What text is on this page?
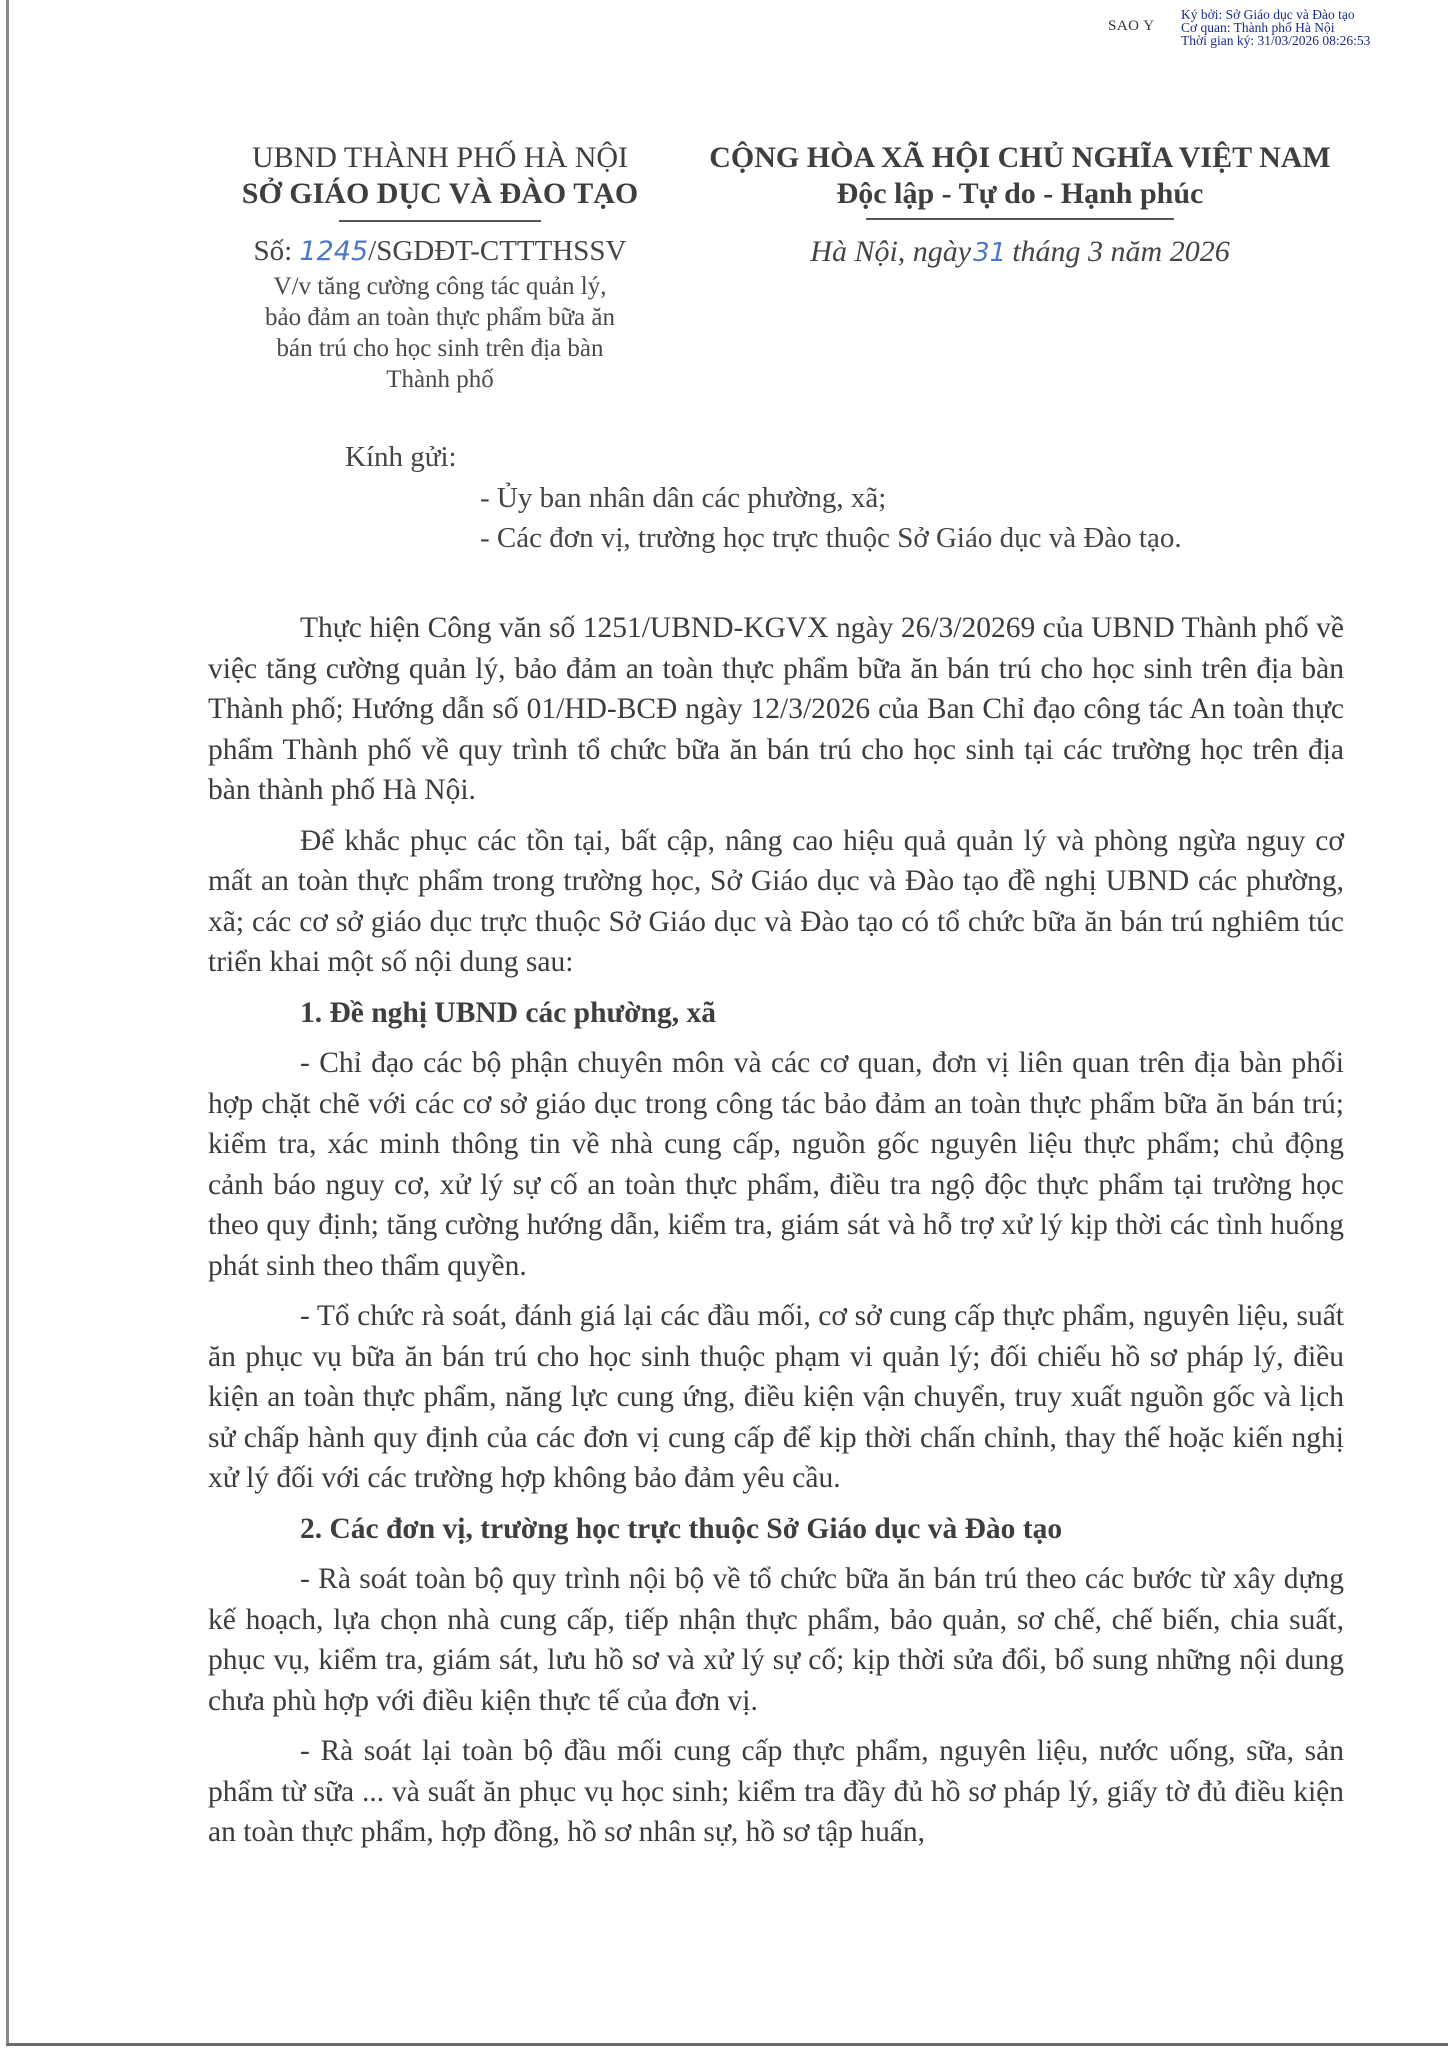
SAO Y
Ký bởi: Sở Giáo dục và Đào tạo
Cơ quan: Thành phố Hà Nội
Thời gian ký: 31/03/2026 08:26:53
UBND THÀNH PHỐ HÀ NỘI
SỞ GIÁO DỤC VÀ ĐÀO TẠO
Số: 1245/SGDĐT-CTTTHSSV
V/v tăng cường công tác quản lý,
bảo đảm an toàn thực phẩm bữa ăn
bán trú cho học sinh trên địa bàn
Thành phố
CỘNG HÒA XÃ HỘI CHỦ NGHĨA VIỆT NAM
Độc lập - Tự do - Hạnh phúc
Hà Nội, ngày31 tháng 3 năm 2026
Kính gửi:
- Ủy ban nhân dân các phường, xã;
- Các đơn vị, trường học trực thuộc Sở Giáo dục và Đào tạo.

Thực hiện Công văn số 1251/UBND-KGVX ngày 26/3/20269 của UBND Thành phố về việc tăng cường quản lý, bảo đảm an toàn thực phẩm bữa ăn bán trú cho học sinh trên địa bàn Thành phố; Hướng dẫn số 01/HD-BCĐ ngày 12/3/2026 của Ban Chỉ đạo công tác An toàn thực phẩm Thành phố về quy trình tổ chức bữa ăn bán trú cho học sinh tại các trường học trên địa bàn thành phố Hà Nội.

Để khắc phục các tồn tại, bất cập, nâng cao hiệu quả quản lý và phòng ngừa nguy cơ mất an toàn thực phẩm trong trường học, Sở Giáo dục và Đào tạo đề nghị UBND các phường, xã; các cơ sở giáo dục trực thuộc Sở Giáo dục và Đào tạo có tổ chức bữa ăn bán trú nghiêm túc triển khai một số nội dung sau:

1. Đề nghị UBND các phường, xã

- Chỉ đạo các bộ phận chuyên môn và các cơ quan, đơn vị liên quan trên địa bàn phối hợp chặt chẽ với các cơ sở giáo dục trong công tác bảo đảm an toàn thực phẩm bữa ăn bán trú; kiểm tra, xác minh thông tin về nhà cung cấp, nguồn gốc nguyên liệu thực phẩm; chủ động cảnh báo nguy cơ, xử lý sự cố an toàn thực phẩm, điều tra ngộ độc thực phẩm tại trường học theo quy định; tăng cường hướng dẫn, kiểm tra, giám sát và hỗ trợ xử lý kịp thời các tình huống phát sinh theo thẩm quyền.

- Tổ chức rà soát, đánh giá lại các đầu mối, cơ sở cung cấp thực phẩm, nguyên liệu, suất ăn phục vụ bữa ăn bán trú cho học sinh thuộc phạm vi quản lý; đối chiếu hồ sơ pháp lý, điều kiện an toàn thực phẩm, năng lực cung ứng, điều kiện vận chuyển, truy xuất nguồn gốc và lịch sử chấp hành quy định của các đơn vị cung cấp để kịp thời chấn chỉnh, thay thế hoặc kiến nghị xử lý đối với các trường hợp không bảo đảm yêu cầu.

2. Các đơn vị, trường học trực thuộc Sở Giáo dục và Đào tạo

- Rà soát toàn bộ quy trình nội bộ về tổ chức bữa ăn bán trú theo các bước từ xây dựng kế hoạch, lựa chọn nhà cung cấp, tiếp nhận thực phẩm, bảo quản, sơ chế, chế biến, chia suất, phục vụ, kiểm tra, giám sát, lưu hồ sơ và xử lý sự cố; kịp thời sửa đổi, bổ sung những nội dung chưa phù hợp với điều kiện thực tế của đơn vị.

- Rà soát lại toàn bộ đầu mối cung cấp thực phẩm, nguyên liệu, nước uống, sữa, sản phẩm từ sữa ... và suất ăn phục vụ học sinh; kiểm tra đầy đủ hồ sơ pháp lý, giấy tờ đủ điều kiện an toàn thực phẩm, hợp đồng, hồ sơ nhân sự, hồ sơ tập huấn,
